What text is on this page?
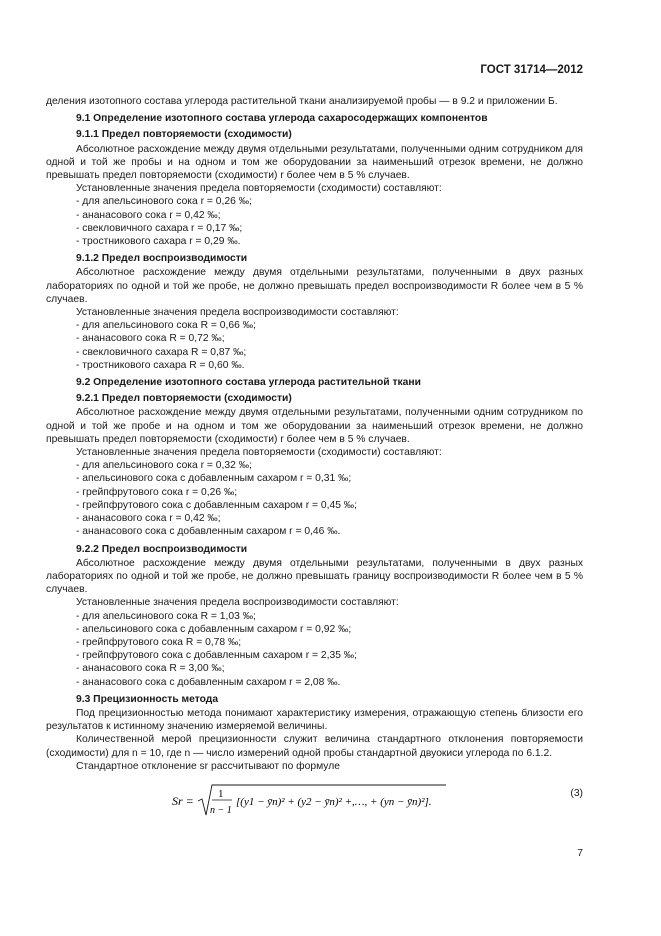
ГОСТ 31714—2012

деления изотопного состава углерода растительной ткани анализируемой пробы — в 9.2 и приложении Б.

9.1 Определение изотопного состава углерода сахаросодержащих компонентов

9.1.1 Предел повторяемости (сходимости)

Абсолютное расхождение между двумя отдельными результатами, полученными одним сотрудником для одной и той же пробы и на одном и том же оборудовании за наименьший отрезок времени, не должно превышать предел повторяемости (сходимости) r более чем в 5 % случаев.

Установленные значения предела повторяемости (сходимости) составляют:

- для апельсинового сока r = 0,26 ‰;

- ананасового сока r = 0,42 ‰;

- свекловичного сахара r = 0,17 ‰;

- тростникового сахара r = 0,29 ‰.

9.1.2 Предел воспроизводимости

Абсолютное расхождение между двумя отдельными результатами, полученными в двух разных лабораториях по одной и той же пробе, не должно превышать предел воспроизводимости R более чем в 5 % случаев.

Установленные значения предела воспроизводимости составляют:

- для апельсинового сока R = 0,66 ‰;

- ананасового сока R = 0,72 ‰;

- свекловичного сахара R = 0,87 ‰;

- тростникового сахара R = 0,60 ‰.

9.2 Определение изотопного состава углерода растительной ткани

9.2.1 Предел повторяемости (сходимости)

Абсолютное расхождение между двумя отдельными результатами, полученными одним сотрудником по одной и той же пробе и на одном и том же оборудовании за наименьший отрезок времени, не должно превышать предел повторяемости (сходимости) r более чем в 5 % случаев.

Установленные значения предела повторяемости (сходимости) составляют:

- для апельсинового сока r = 0,32 ‰;

- апельсинового сока с добавленным сахаром r = 0,31 ‰;

- грейпфрутового сока r = 0,26 ‰;

- грейпфрутового сока с добавленным сахаром r = 0,45 ‰;

- ананасового сока r = 0,42 ‰;

- ананасового сока с добавленным сахаром r = 0,46 ‰.

9.2.2 Предел воспроизводимости

Абсолютное расхождение между двумя отдельными результатами, полученными в двух разных лабораториях по одной и той же пробе, не должно превышать границу воспроизводимости R более чем в 5 % случаев.

Установленные значения предела воспроизводимости составляют:

- для апельсинового сока R = 1,03 ‰;

- апельсинового сока с добавленным сахаром r = 0,92 ‰;

- грейпфрутового сока R = 0,78 ‰;

- грейпфрутового сока с добавленным сахаром r = 2,35 ‰;

- ананасового сока R = 3,00 ‰;

- ананасового сока с добавленным сахаром r = 2,08 ‰.

9.3 Прецизионность метода

Под прецизионностью метода понимают характеристику измерения, отражающую степень близости его результатов к истинному значению измеряемой величины.

Количественной мерой прецизионности служит величина стандартного отклонения повторяемости (сходимости) для n = 10, где n — число измерений одной пробы стандартной двуокиси углерода по 6.1.2.

Стандартное отклонение sr рассчитывают по формуле

Sr = 1
n − 1
[(y1 − ȳn)² + (y2 − ȳn)² +,…, + (yn − ȳn)²].
(3)
7
